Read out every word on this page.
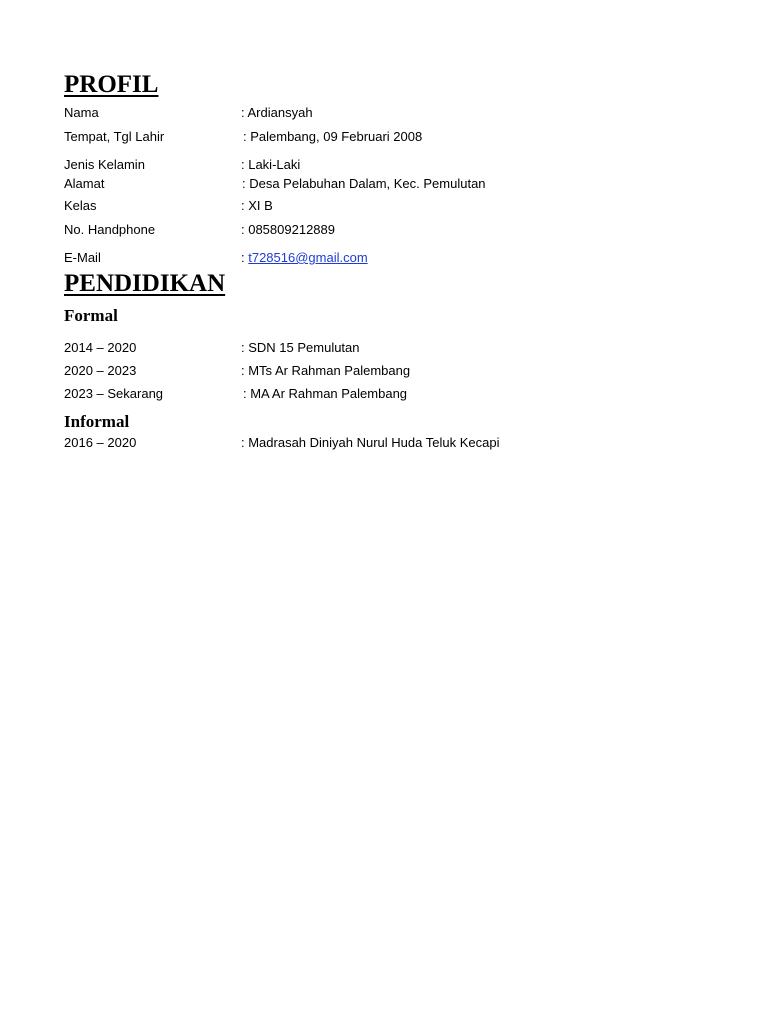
PROFIL
Nama	: Ardiansyah
Tempat, Tgl Lahir	: Palembang, 09 Februari 2008
Jenis Kelamin	: Laki-Laki
Alamat	: Desa Pelabuhan Dalam, Kec. Pemulutan
Kelas	: XI B
No. Handphone	: 085809212889
E-Mail	: t728516@gmail.com
PENDIDIKAN
Formal
2014 – 2020	: SDN 15 Pemulutan
2020 – 2023	: MTs Ar Rahman Palembang
2023 – Sekarang	: MA Ar Rahman Palembang
Informal
2016 – 2020	: Madrasah Diniyah Nurul Huda Teluk Kecapi
